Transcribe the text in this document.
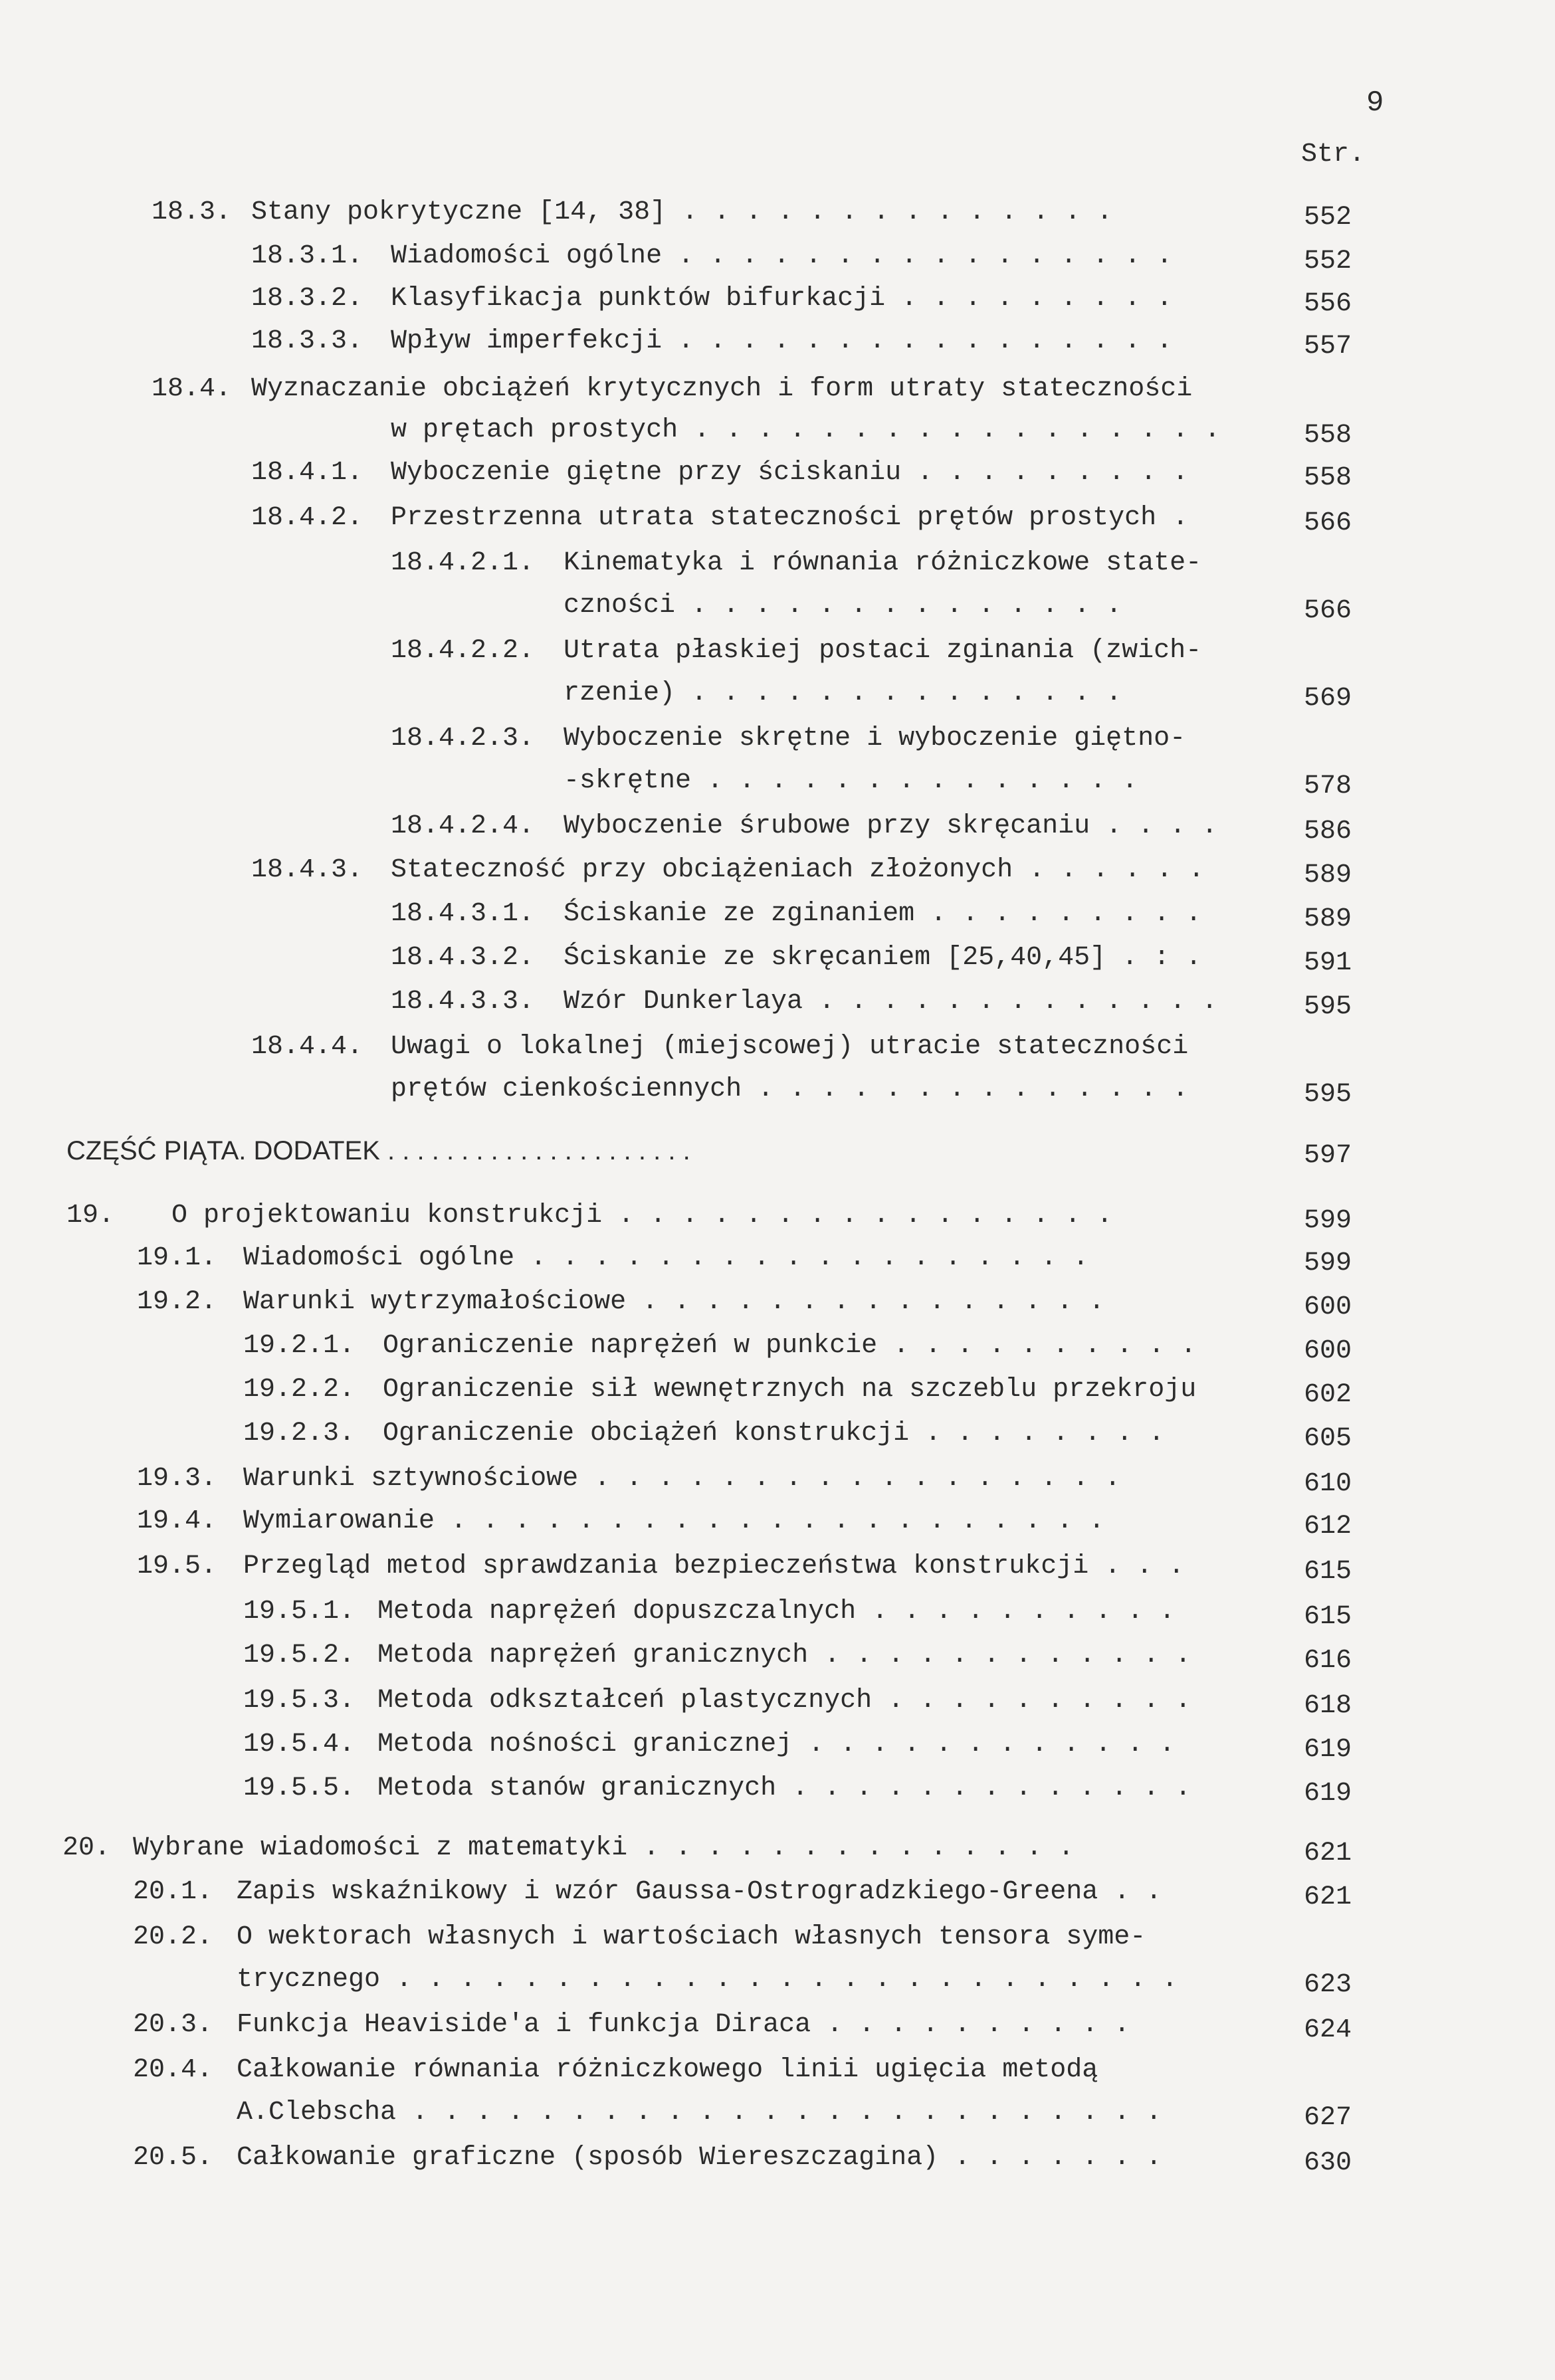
9
Str.
18.3. Stany pokrytyczne [14, 38] . . . . . . . . . . . . . .	552
18.3.1. Wiadomości ogólne . . . . . . . . . . . . . . . .	552
18.3.2. Klasyfikacja punktów bifurkacji . . . . . . . . .	556
18.3.3. Wpływ imperfekcji . . . . . . . . . . . . . . . .	557
18.4. Wyznaczanie obciążeń krytycznych i form utraty stateczności
w prętach prostych . . . . . . . . . . . . . . . . .	558
18.4.1. Wyboczenie giętne przy ściskaniu . . . . . . . . .	558
18.4.2. Przestrzenna utrata stateczności prętów prostych .	566
18.4.2.1. Kinematyka i równania różniczkowe state-
czności . . . . . . . . . . . . . .	566
18.4.2.2. Utrata płaskiej postaci zginania (zwich-
rzenie) . . . . . . . . . . . . . .	569
18.4.2.3. Wyboczenie skrętne i wyboczenie giętno-
-skrętne . . . . . . . . . . . . . .	578
18.4.2.4. Wyboczenie śrubowe przy skręcaniu . . . .	586
18.4.3. Stateczność przy obciążeniach złożonych . . . . . .	589
18.4.3.1. Ściskanie ze zginaniem . . . . . . . . .	589
18.4.3.2. Ściskanie ze skręcaniem [25,40,45] . : .	591
18.4.3.3. Wzór Dunkerlaya . . . . . . . . . . . . .	595
18.4.4. Uwagi o lokalnej (miejscowej) utracie stateczności
prętów cienkościennych . . . . . . . . . . . . . .	595
CZĘŚĆ PIĄTA. DODATEK . . . . . . . . . . . . . . . . . . . . .	597
19. O projektowaniu konstrukcji . . . . . . . . . . . . . . . .	599
19.1. Wiadomości ogólne . . . . . . . . . . . . . . . . . .	599
19.2. Warunki wytrzymałościowe . . . . . . . . . . . . . . .	600
19.2.1. Ograniczenie naprężeń w punkcie . . . . . . . . . .	600
19.2.2. Ograniczenie sił wewnętrznych na szczeblu przekroju	602
19.2.3. Ograniczenie obciążeń konstrukcji . . . . . . . .	605
19.3. Warunki sztywnościowe . . . . . . . . . . . . . . . . .	610
19.4. Wymiarowanie . . . . . . . . . . . . . . . . . . . . .	612
19.5. Przegląd metod sprawdzania bezpieczeństwa konstrukcji . . .	615
19.5.1. Metoda naprężeń dopuszczalnych . . . . . . . . . .	615
19.5.2. Metoda naprężeń granicznych . . . . . . . . . . . .	616
19.5.3. Metoda odkształceń plastycznych . . . . . . . . . .	618
19.5.4. Metoda nośności granicznej . . . . . . . . . . . .	619
19.5.5. Metoda stanów granicznych . . . . . . . . . . . . .	619
20. Wybrane wiadomości z matematyki . . . . . . . . . . . . . .	621
20.1. Zapis wskaźnikowy i wzór Gaussa-Ostrogradzkiego-Greena . .	621
20.2. O wektorach własnych i wartościach własnych tensora syme-
trycznego . . . . . . . . . . . . . . . . . . . . . . . . .	623
20.3. Funkcja Heaviside'a i funkcja Diraca . . . . . . . . . .	624
20.4. Całkowanie równania różniczkowego linii ugięcia metodą
A.Clebscha . . . . . . . . . . . . . . . . . . . . . . . .	627
20.5. Całkowanie graficzne (sposób Wiereszczagina) . . . . . . .	630
